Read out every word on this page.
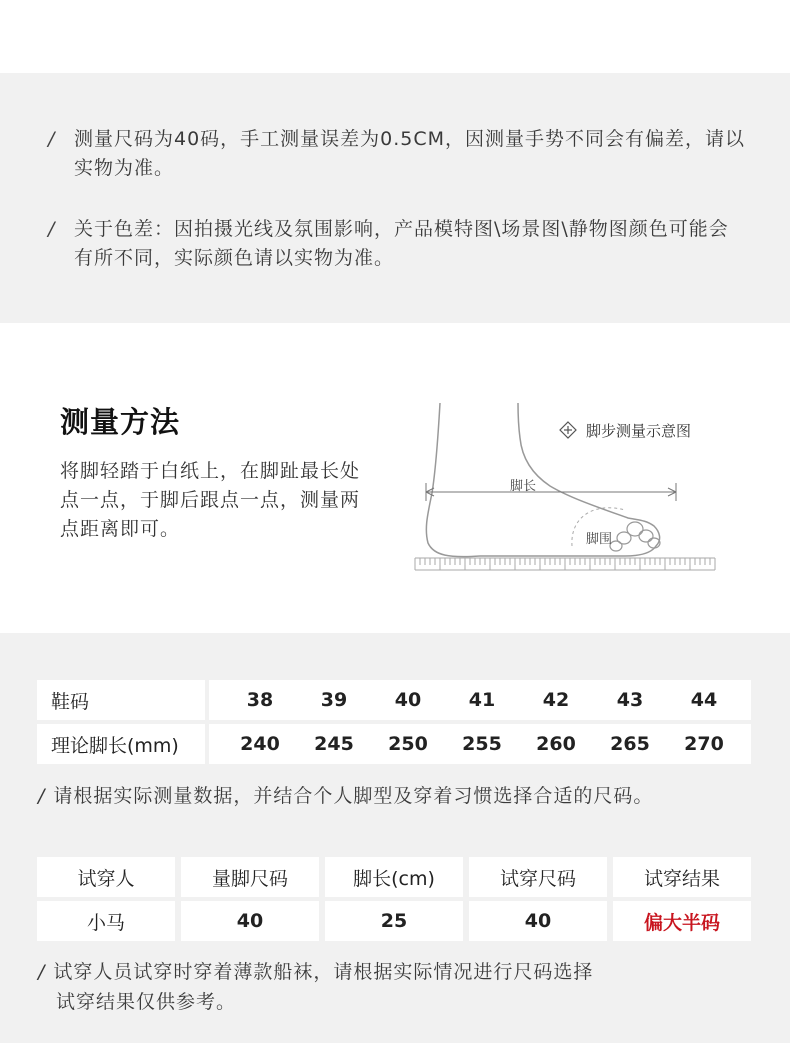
/ 测量尺码为40码，手工测量误差为0.5CM，因测量手势不同会有偏差，请以实物为准。
/ 关于色差：因拍摄光线及氛围影响，产品模特图\场景图\静物图颜色可能会有所不同，实际颜色请以实物为准。
测量方法
将脚轻踏于白纸上，在脚趾最长处点一点，于脚后跟点一点，测量两点距离即可。
脚长
脚围
脚步测量示意图
鞋码	38	39	40	41	42	43	44
理论脚长(mm)	240	245	250	255	260	265	270
/ 请根据实际测量数据，并结合个人脚型及穿着习惯选择合适的尺码。
试穿人	量脚尺码	脚长(cm)	试穿尺码	试穿结果
小马	40	25	40	偏大半码
/ 试穿人员试穿时穿着薄款船袜，请根据实际情况进行尺码选择
试穿结果仅供参考。
